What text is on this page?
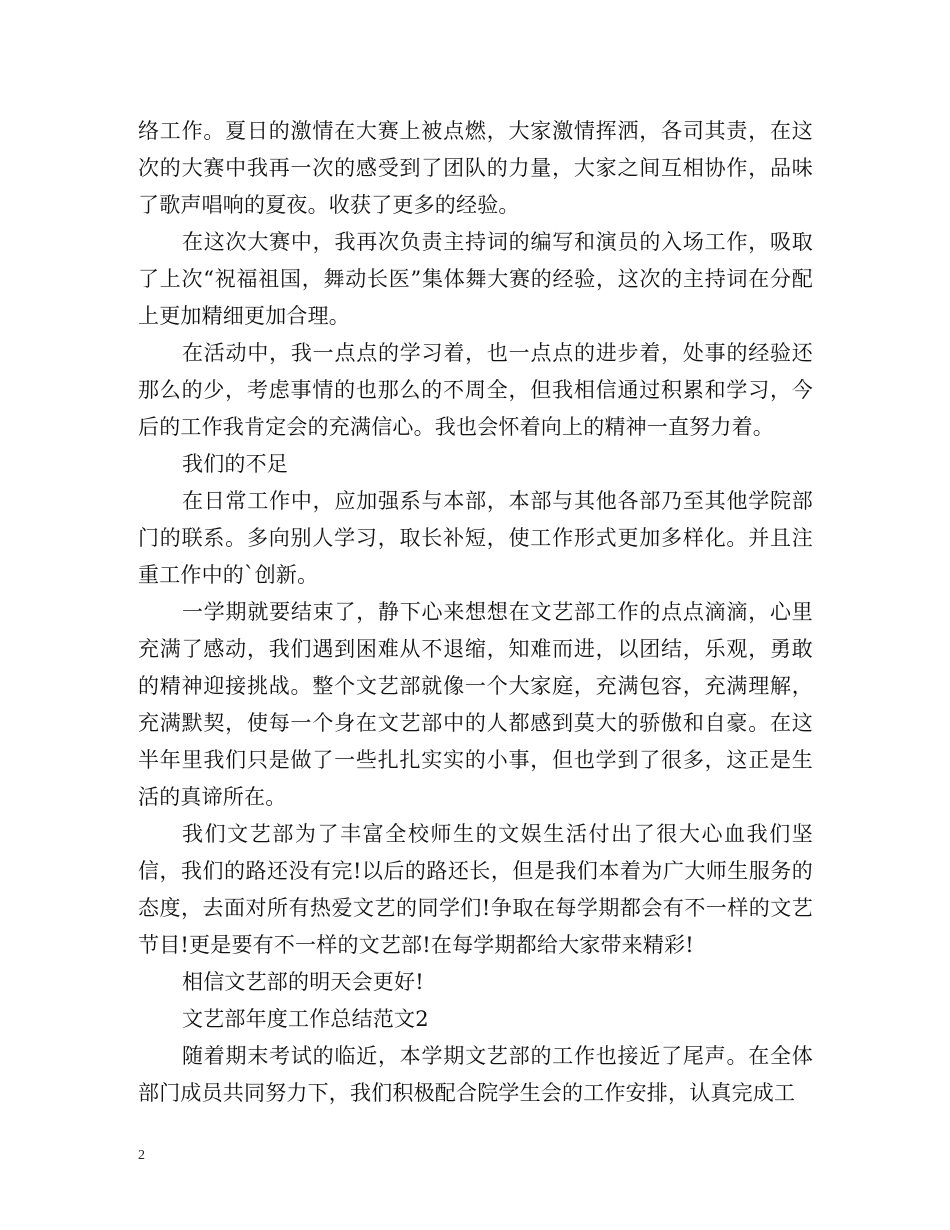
络工作。夏日的激情在大赛上被点燃，大家激情挥洒，各司其责，在这次的大赛中我再一次的感受到了团队的力量，大家之间互相协作，品味了歌声唱响的夏夜。收获了更多的经验。

在这次大赛中，我再次负责主持词的编写和演员的入场工作，吸取了上次“祝福祖国，舞动长医”集体舞大赛的经验，这次的主持词在分配上更加精细更加合理。

在活动中，我一点点的学习着，也一点点的进步着，处事的经验还那么的少，考虑事情的也那么的不周全，但我相信通过积累和学习，今后的工作我肯定会的充满信心。我也会怀着向上的精神一直努力着。

我们的不足

在日常工作中，应加强系与本部，本部与其他各部乃至其他学院部门的联系。多向别人学习，取长补短，使工作形式更加多样化。并且注重工作中的`创新。

一学期就要结束了，静下心来想想在文艺部工作的点点滴滴，心里充满了感动，我们遇到困难从不退缩，知难而进，以团结，乐观，勇敢的精神迎接挑战。整个文艺部就像一个大家庭，充满包容，充满理解，充满默契，使每一个身在文艺部中的人都感到莫大的骄傲和自豪。在这半年里我们只是做了一些扎扎实实的小事，但也学到了很多，这正是生活的真谛所在。

我们文艺部为了丰富全校师生的文娱生活付出了很大心血我们坚信，我们的路还没有完!以后的路还长，但是我们本着为广大师生服务的态度，去面对所有热爱文艺的同学们!争取在每学期都会有不一样的文艺节目!更是要有不一样的文艺部!在每学期都给大家带来精彩!

相信文艺部的明天会更好!

文艺部年度工作总结范文2

随着期末考试的临近，本学期文艺部的工作也接近了尾声。在全体部门成员共同努力下，我们积极配合院学生会的工作安排，认真完成工

2
